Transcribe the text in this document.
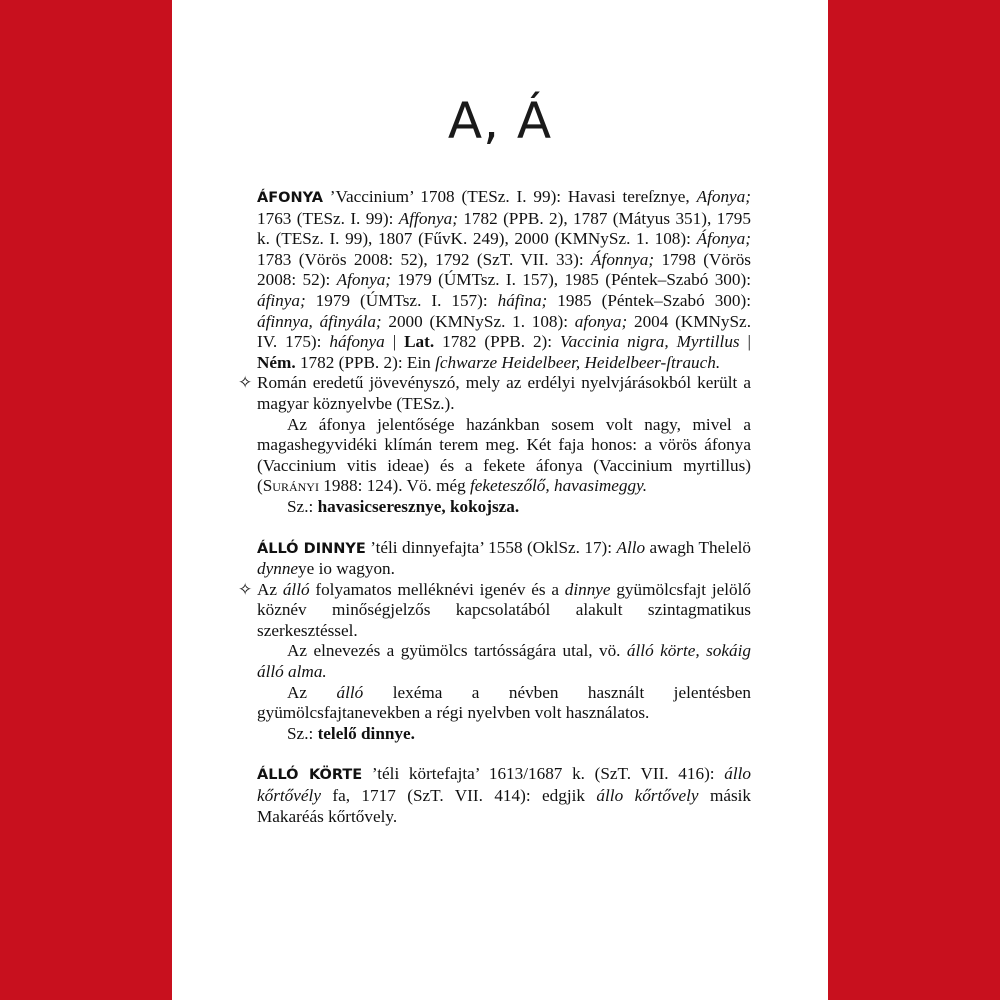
A, Á

ÁFONYA ’Vaccinium’ 1708 (TESz. I. 99): Havasi tereſznye, Afonya; 1763 (TESz. I. 99): Affonya; 1782 (PPB. 2), 1787 (Mátyus 351), 1795 k. (TESz. I. 99), 1807 (FűvK. 249), 2000 (KMNySz. 1. 108): Áfonya; 1783 (Vörös 2008: 52), 1792 (SzT. VII. 33): Áfonnya; 1798 (Vörös 2008: 52): Afonya; 1979 (ÚMTsz. I. 157), 1985 (Péntek–Szabó 300): áfinya; 1979 (ÚMTsz. I. 157): háfina; 1985 (Péntek–Szabó 300): áfinnya, áfinyála; 2000 (KMNySz. 1. 108): afonya; 2004 (KMNySz. IV. 175): háfonya | Lat. 1782 (PPB. 2): Vaccinia nigra, Myrtillus | Ném. 1782 (PPB. 2): Ein ſchwarze Heidelbeer, Heidelbeer-ſtrauch.

✧ Román eredetű jövevényszó, mely az erdélyi nyelvjárásokból került a magyar köznyelvbe (TESz.).

Az áfonya jelentősége hazánkban sosem volt nagy, mivel a magashegyvidéki klímán terem meg. Két faja honos: a vörös áfonya (Vaccinium vitis ideae) és a fekete áfonya (Vaccinium myrtillus) (Surányi 1988: 124). Vö. még feketeszőlő, havasimeggy.

Sz.: havasicseresznye, kokojsza.

ÁLLÓ DINNYE ’téli dinnyefajta’ 1558 (OklSz. 17): Allo awagh Thelelö dynneye io wagyon.

✧ Az álló folyamatos melléknévi igenév és a dinnye gyümölcsfajt jelölő köznév minőségjelzős kapcsolatából alakult szintagmatikus szerkesztéssel.

Az elnevezés a gyümölcs tartósságára utal, vö. álló körte, sokáig álló alma.

Az álló lexéma a névben használt jelentésben gyümölcsfajtanevekben a régi nyelvben volt használatos.

Sz.: telelő dinnye.

ÁLLÓ KÖRTE ’téli körtefajta’ 1613/1687 k. (SzT. VII. 416): állo kőrtővély fa, 1717 (SzT. VII. 414): edgjik állo kőrtővely másik Makaréás kőrtővely.
